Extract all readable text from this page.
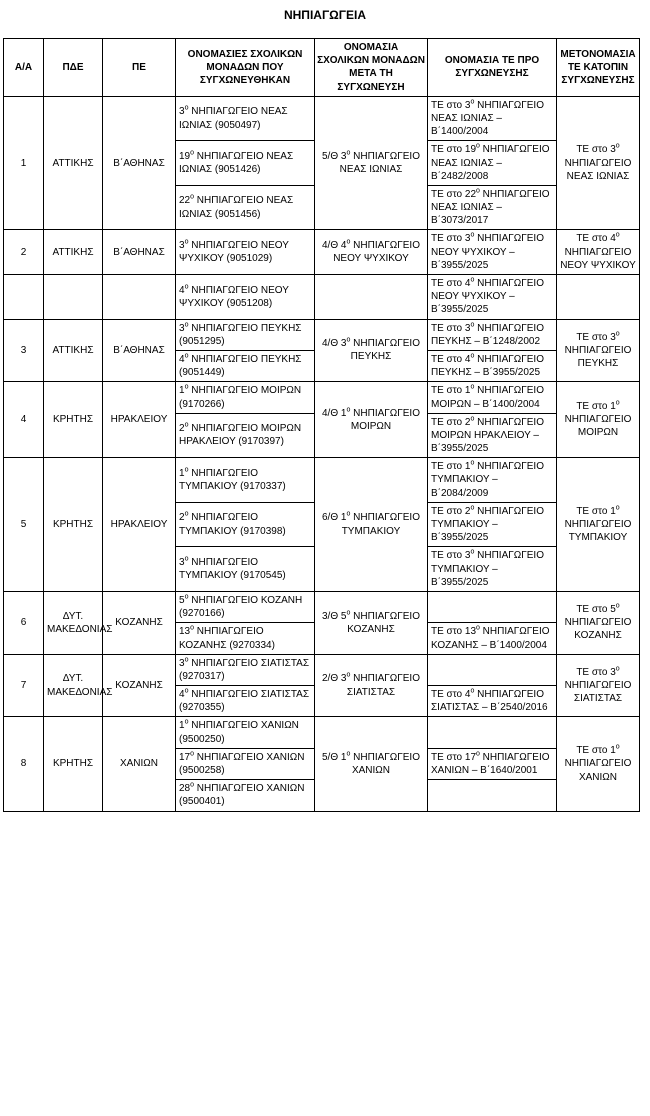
ΝΗΠΙΑΓΩΓΕΙΑ
Α/Α	ΠΔΕ	ΠΕ	ΟΝΟΜΑΣΙΕΣ ΣΧΟΛΙΚΩΝ ΜΟΝΑΔΩΝ ΠΟΥ ΣΥΓΧΩΝΕΥΘΗΚΑΝ	ΟΝΟΜΑΣΙΑ ΣΧΟΛΙΚΩΝ ΜΟΝΑΔΩΝ ΜΕΤΑ ΤΗ ΣΥΓΧΩΝΕΥΣΗ	ΟΝΟΜΑΣΙΑ ΤΕ ΠΡΟ ΣΥΓΧΩΝΕΥΣΗΣ	ΜΕΤΟΝΟΜΑΣΙΑ ΤΕ ΚΑΤΟΠΙΝ ΣΥΓΧΩΝΕΥΣΗΣ
1	ΑΤΤΙΚΗΣ	Β΄ΑΘΗΝΑΣ	$3^o$ ΝΗΠΙΑΓΩΓΕΙΟ ΝΕΑΣ ΙΩΝΙΑΣ (9050497)	5/Θ $3^o$ ΝΗΠΙΑΓΩΓΕΙΟ ΝΕΑΣ ΙΩΝΙΑΣ	ΤΕ στο $3^o$ ΝΗΠΙΑΓΩΓΕΙΟ ΝΕΑΣ ΙΩΝΙΑΣ – Β΄1400/2004	ΤΕ στο $3^o$ ΝΗΠΙΑΓΩΓΕΙΟ ΝΕΑΣ ΙΩΝΙΑΣ
			$19^o$ ΝΗΠΙΑΓΩΓΕΙΟ ΝΕΑΣ ΙΩΝΙΑΣ (9051426)		ΤΕ στο $19^o$ ΝΗΠΙΑΓΩΓΕΙΟ ΝΕΑΣ ΙΩΝΙΑΣ – Β΄2482/2008	
			$22^o$ ΝΗΠΙΑΓΩΓΕΙΟ ΝΕΑΣ ΙΩΝΙΑΣ (9051456)		ΤΕ στο $22^o$ ΝΗΠΙΑΓΩΓΕΙΟ ΝΕΑΣ ΙΩΝΙΑΣ – Β΄3073/2017	
2	ΑΤΤΙΚΗΣ	Β΄ΑΘΗΝΑΣ	$3^o$ ΝΗΠΙΑΓΩΓΕΙΟ ΝΕΟΥ ΨΥΧΙΚΟΥ (9051029)	4/Θ $4^o$ ΝΗΠΙΑΓΩΓΕΙΟ ΝΕΟΥ ΨΥΧΙΚΟΥ	ΤΕ στο $3^o$ ΝΗΠΙΑΓΩΓΕΙΟ ΝΕΟΥ ΨΥΧΙΚΟΥ – Β΄3955/2025	ΤΕ στο $4^o$ ΝΗΠΙΑΓΩΓΕΙΟ ΝΕΟΥ ΨΥΧΙΚΟΥ
			$4^o$ ΝΗΠΙΑΓΩΓΕΙΟ ΝΕΟΥ ΨΥΧΙΚΟΥ (9051208)		ΤΕ στο $4^o$ ΝΗΠΙΑΓΩΓΕΙΟ ΝΕΟΥ ΨΥΧΙΚΟΥ – Β΄3955/2025	
3	ΑΤΤΙΚΗΣ	Β΄ΑΘΗΝΑΣ	$3^o$ ΝΗΠΙΑΓΩΓΕΙΟ ΠΕΥΚΗΣ (9051295)	4/Θ $3^o$ ΝΗΠΙΑΓΩΓΕΙΟ ΠΕΥΚΗΣ	ΤΕ στο $3^o$ ΝΗΠΙΑΓΩΓΕΙΟ ΠΕΥΚΗΣ – Β΄1248/2002	ΤΕ στο $3^o$ ΝΗΠΙΑΓΩΓΕΙΟ ΠΕΥΚΗΣ
			$4^o$ ΝΗΠΙΑΓΩΓΕΙΟ ΠΕΥΚΗΣ (9051449)		ΤΕ στο $4^o$ ΝΗΠΙΑΓΩΓΕΙΟ ΠΕΥΚΗΣ – Β΄3955/2025	
4	ΚΡΗΤΗΣ	ΗΡΑΚΛΕΙΟΥ	$1^o$ ΝΗΠΙΑΓΩΓΕΙΟ ΜΟΙΡΩΝ (9170266)	4/Θ $1^o$ ΝΗΠΙΑΓΩΓΕΙΟ ΜΟΙΡΩΝ	ΤΕ στο $1^o$ ΝΗΠΙΑΓΩΓΕΙΟ ΜΟΙΡΩΝ – Β΄1400/2004	ΤΕ στο $1^o$ ΝΗΠΙΑΓΩΓΕΙΟ ΜΟΙΡΩΝ
			$2^o$ ΝΗΠΙΑΓΩΓΕΙΟ ΜΟΙΡΩΝ ΗΡΑΚΛΕΙΟΥ (9170397)		ΤΕ στο $2^o$ ΝΗΠΙΑΓΩΓΕΙΟ ΜΟΙΡΩΝ ΗΡΑΚΛΕΙΟΥ – Β΄3955/2025	
5	ΚΡΗΤΗΣ	ΗΡΑΚΛΕΙΟΥ	$1^o$ ΝΗΠΙΑΓΩΓΕΙΟ ΤΥΜΠΑΚΙΟΥ (9170337)	6/Θ $1^o$ ΝΗΠΙΑΓΩΓΕΙΟ ΤΥΜΠΑΚΙΟΥ	ΤΕ στο $1^o$ ΝΗΠΙΑΓΩΓΕΙΟ ΤΥΜΠΑΚΙΟΥ – Β΄2084/2009	ΤΕ στο $1^o$ ΝΗΠΙΑΓΩΓΕΙΟ ΤΥΜΠΑΚΙΟΥ
			$2^o$ ΝΗΠΙΑΓΩΓΕΙΟ ΤΥΜΠΑΚΙΟΥ (9170398)		ΤΕ στο $2^o$ ΝΗΠΙΑΓΩΓΕΙΟ ΤΥΜΠΑΚΙΟΥ – Β΄3955/2025	
			$3^o$ ΝΗΠΙΑΓΩΓΕΙΟ ΤΥΜΠΑΚΙΟΥ (9170545)		ΤΕ στο $3^o$ ΝΗΠΙΑΓΩΓΕΙΟ ΤΥΜΠΑΚΙΟΥ – Β΄3955/2025	
6	ΔΥΤ. ΜΑΚΕΔΟΝΙΑΣ	ΚΟΖΑΝΗΣ	$5^o$ ΝΗΠΙΑΓΩΓΕΙΟ ΚΟΖΑΝΗ (9270166)	3/Θ $5^o$ ΝΗΠΙΑΓΩΓΕΙΟ ΚΟΖΑΝΗΣ		ΤΕ στο $5^o$ ΝΗΠΙΑΓΩΓΕΙΟ ΚΟΖΑΝΗΣ
			$13^o$ ΝΗΠΙΑΓΩΓΕΙΟ ΚΟΖΑΝΗΣ (9270334)		ΤΕ στο $13^o$ ΝΗΠΙΑΓΩΓΕΙΟ ΚΟΖΑΝΗΣ – Β΄1400/2004	
7	ΔΥΤ. ΜΑΚΕΔΟΝΙΑΣ	ΚΟΖΑΝΗΣ	$3^o$ ΝΗΠΙΑΓΩΓΕΙΟ ΣΙΑΤΙΣΤΑΣ (9270317)	2/Θ $3^o$ ΝΗΠΙΑΓΩΓΕΙΟ ΣΙΑΤΙΣΤΑΣ		ΤΕ στο $3^o$ ΝΗΠΙΑΓΩΓΕΙΟ ΣΙΑΤΙΣΤΑΣ
			$4^o$ ΝΗΠΙΑΓΩΓΕΙΟ ΣΙΑΤΙΣΤΑΣ (9270355)		ΤΕ στο $4^o$ ΝΗΠΙΑΓΩΓΕΙΟ ΣΙΑΤΙΣΤΑΣ – Β΄2540/2016	
8	ΚΡΗΤΗΣ	ΧΑΝΙΩΝ	$1^o$ ΝΗΠΙΑΓΩΓΕΙΟ ΧΑΝΙΩΝ (9500250)	5/Θ $1^o$ ΝΗΠΙΑΓΩΓΕΙΟ ΧΑΝΙΩΝ		ΤΕ στο $1^o$ ΝΗΠΙΑΓΩΓΕΙΟ ΧΑΝΙΩΝ
			$17^o$ ΝΗΠΙΑΓΩΓΕΙΟ ΧΑΝΙΩΝ (9500258)		ΤΕ στο $17^o$ ΝΗΠΙΑΓΩΓΕΙΟ ΧΑΝΙΩΝ – Β΄1640/2001	
			$28^o$ ΝΗΠΙΑΓΩΓΕΙΟ ΧΑΝΙΩΝ (9500401)			
